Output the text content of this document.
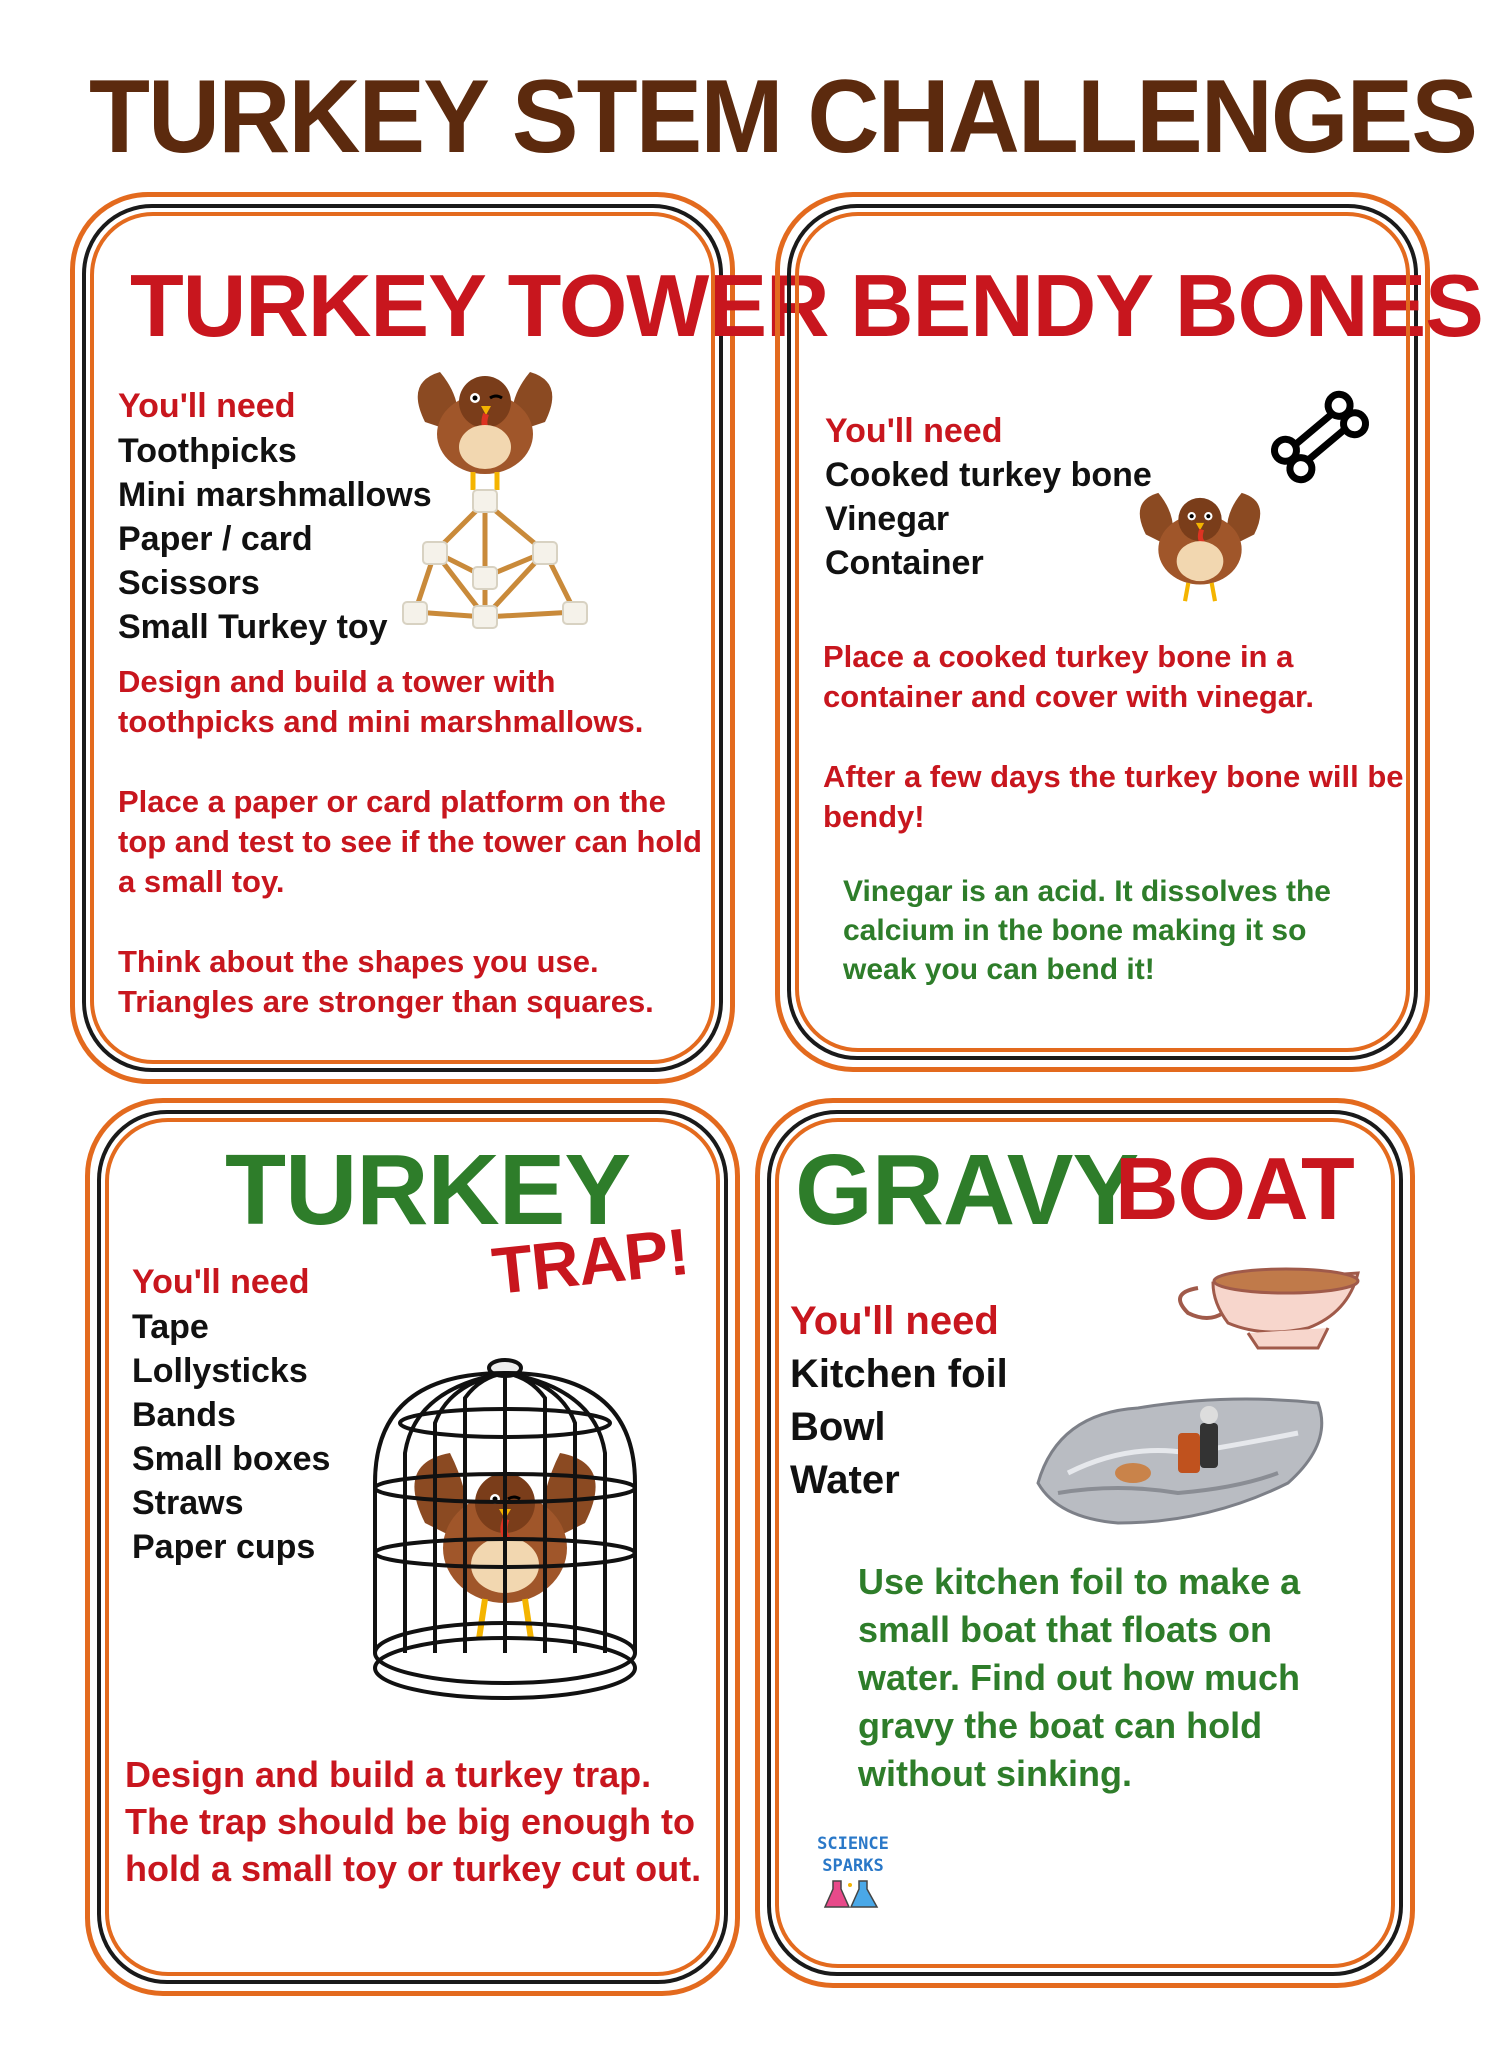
TURKEY STEM CHALLENGES
TURKEY TOWER
You'll need
Toothpicks
Mini marshmallows
Paper / card
Scissors
Small Turkey toy

Design and build a tower with toothpicks and mini marshmallows.

Place a paper or card platform on the top and test to see if the tower can hold a small toy.

Think about the shapes you use. Triangles are stronger than squares.

BENDY BONES
You'll need
Cooked turkey bone
Vinegar
Container

Place a cooked turkey bone in a container and cover with vinegar.

After a few days the turkey bone will be bendy!

Vinegar is an acid. It dissolves the calcium in the bone making it so weak you can bend it!

TURKEY
TRAP!
You'll need
Tape
Lollysticks
Bands
Small boxes
Straws
Paper cups

Design and build a turkey trap. The trap should be big enough to hold a small toy or turkey cut out.

GRAVY
BOAT
You'll need
Kitchen foil
Bowl
Water

Use kitchen foil to make a small boat that floats on water. Find out how much gravy the boat can hold without sinking.

SCIENCE
SPARKS
